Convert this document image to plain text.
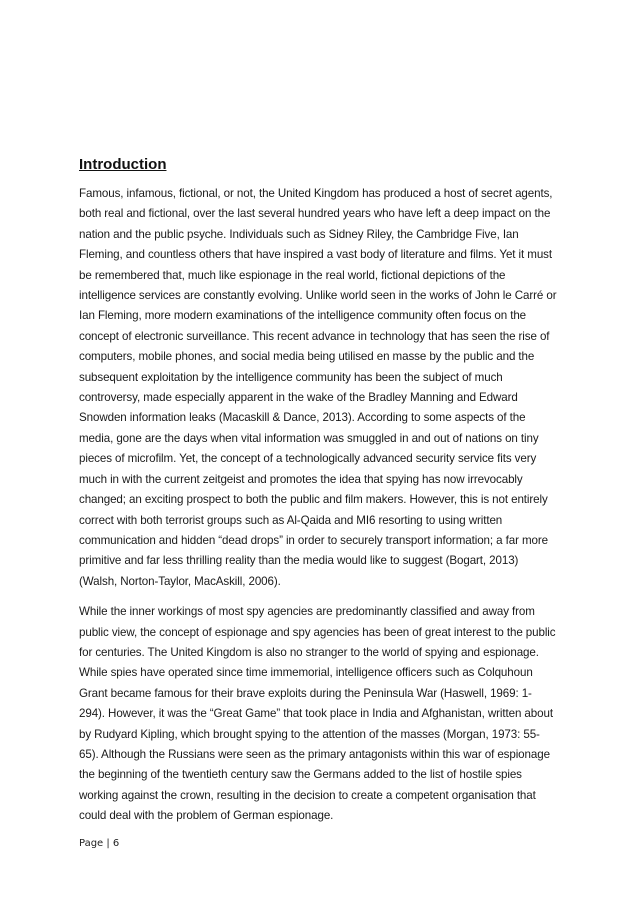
Introduction

Famous, infamous, fictional, or not, the United Kingdom has produced a host of secret agents, both real and fictional, over the last several hundred years who have left a deep impact on the nation and the public psyche. Individuals such as Sidney Riley, the Cambridge Five, Ian Fleming, and countless others that have inspired a vast body of literature and films. Yet it must be remembered that, much like espionage in the real world, fictional depictions of the intelligence services are constantly evolving. Unlike world seen in the works of John le Carré or Ian Fleming, more modern examinations of the intelligence community often focus on the concept of electronic surveillance. This recent advance in technology that has seen the rise of computers, mobile phones, and social media being utilised en masse by the public and the subsequent exploitation by the intelligence community has been the subject of much controversy, made especially apparent in the wake of the Bradley Manning and Edward Snowden information leaks (Macaskill & Dance, 2013). According to some aspects of the media, gone are the days when vital information was smuggled in and out of nations on tiny pieces of microfilm. Yet, the concept of a technologically advanced security service fits very much in with the current zeitgeist and promotes the idea that spying has now irrevocably changed; an exciting prospect to both the public and film makers. However, this is not entirely correct with both terrorist groups such as Al-Qaida and MI6 resorting to using written communication and hidden “dead drops” in order to securely transport information; a far more primitive and far less thrilling reality than the media would like to suggest (Bogart, 2013) (Walsh, Norton-Taylor, MacAskill, 2006).

While the inner workings of most spy agencies are predominantly classified and away from public view, the concept of espionage and spy agencies has been of great interest to the public for centuries. The United Kingdom is also no stranger to the world of spying and espionage. While spies have operated since time immemorial, intelligence officers such as Colquhoun Grant became famous for their brave exploits during the Peninsula War (Haswell, 1969: 1-294). However, it was the “Great Game” that took place in India and Afghanistan, written about by Rudyard Kipling, which brought spying to the attention of the masses (Morgan, 1973: 55-65). Although the Russians were seen as the primary antagonists within this war of espionage the beginning of the twentieth century saw the Germans added to the list of hostile spies working against the crown, resulting in the decision to create a competent organisation that could deal with the problem of German espionage.

Page | 6
